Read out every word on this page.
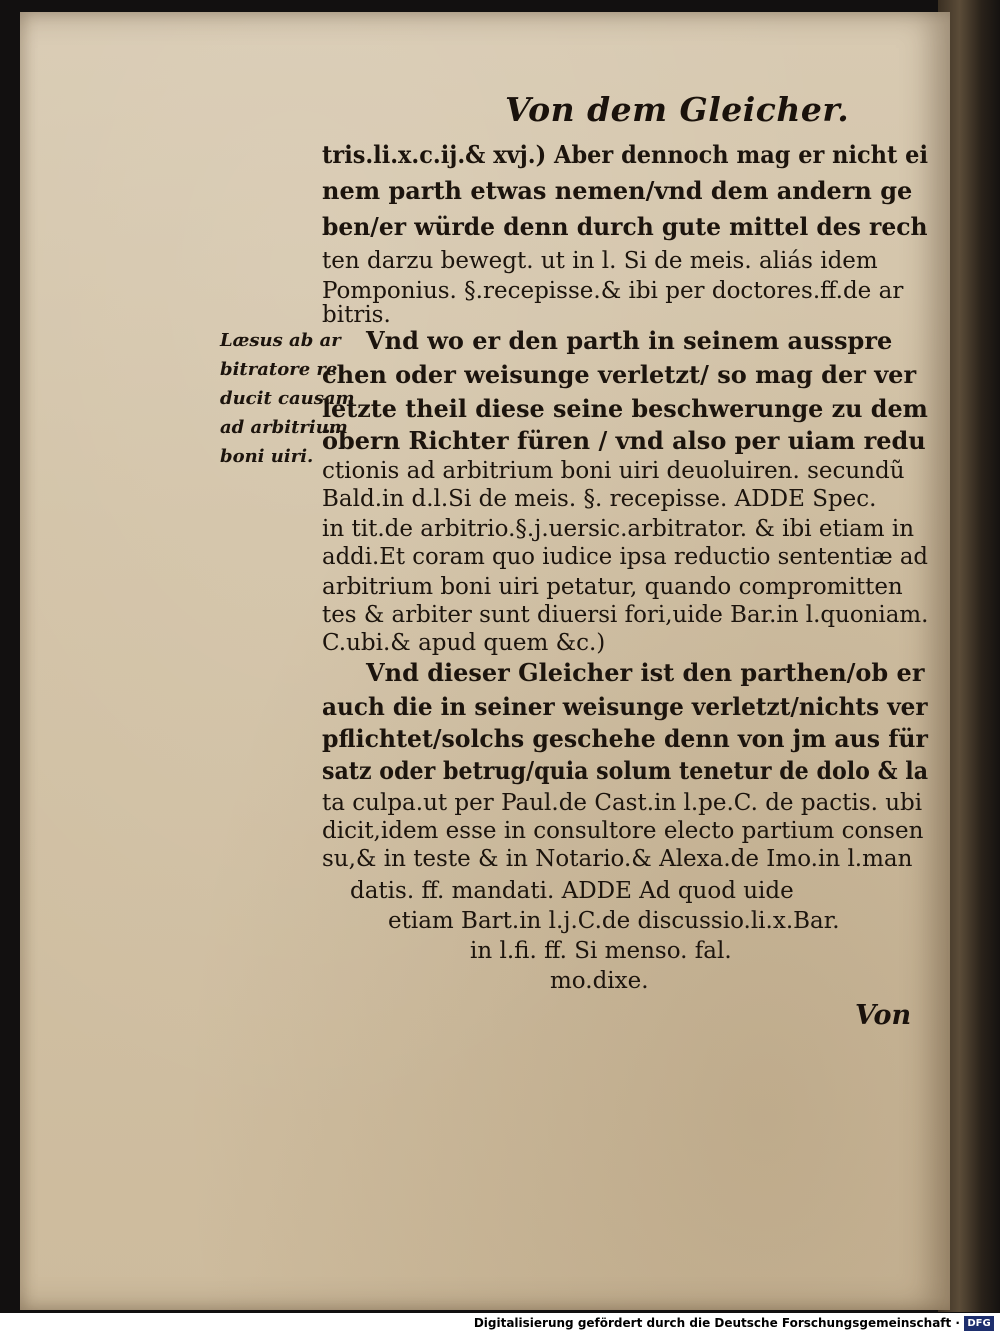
Von dem Gleicher.
Læsus ab ar
bitratore re
ducit causam
ad arbitrium
boni uiri.
tris.li.x.c.ij.& xvj.) Aber dennoch mag er nicht ei
nem parth etwas nemen/vnd dem andern ge
ben/er würde denn durch gute mittel des rech
ten darzu bewegt. ut in l. Si de meis. aliás idem
Pomponius. §.recepisse.& ibi per doctores.ff.de ar
bitris.
Vnd wo er den parth in seinem ausspre
chen oder weisunge verletzt/ so mag der ver
letzte theil diese seine beschwerunge zu dem
öbern Richter füren / vnd also per uiam redu
ctionis ad arbitrium boni uiri deuoluiren. secundũ
Bald.in d.l.Si de meis. §. recepisse. ADDE Spec.
in tit.de arbitrio.§.j.uersic.arbitrator. & ibi etiam in
addi.Et coram quo iudice ipsa reductio sententiæ ad
arbitrium boni uiri petatur, quando compromitten
tes & arbiter sunt diuersi fori,uide Bar.in l.quoniam.
C.ubi.& apud quem &c.)
Vnd dieser Gleicher ist den parthen/ob er
auch die in seiner weisunge verletzt/nichts ver
pflichtet/solchs geschehe denn von jm aus für
satz oder betrug/quia solum tenetur de dolo & la
ta culpa.ut per Paul.de Cast.in l.pe.C. de pactis. ubi
dicit,idem esse in consultore electo partium consen
su,& in teste & in Notario.& Alexa.de Imo.in l.man
datis. ff. mandati. ADDE Ad quod uide
etiam Bart.in l.j.C.de discussio.li.x.Bar.
in l.fi. ff. Si menso. fal.
mo.dixe.
Von
Digitalisierung gefördert durch die Deutsche Forschungsgemeinschaft · DFG
